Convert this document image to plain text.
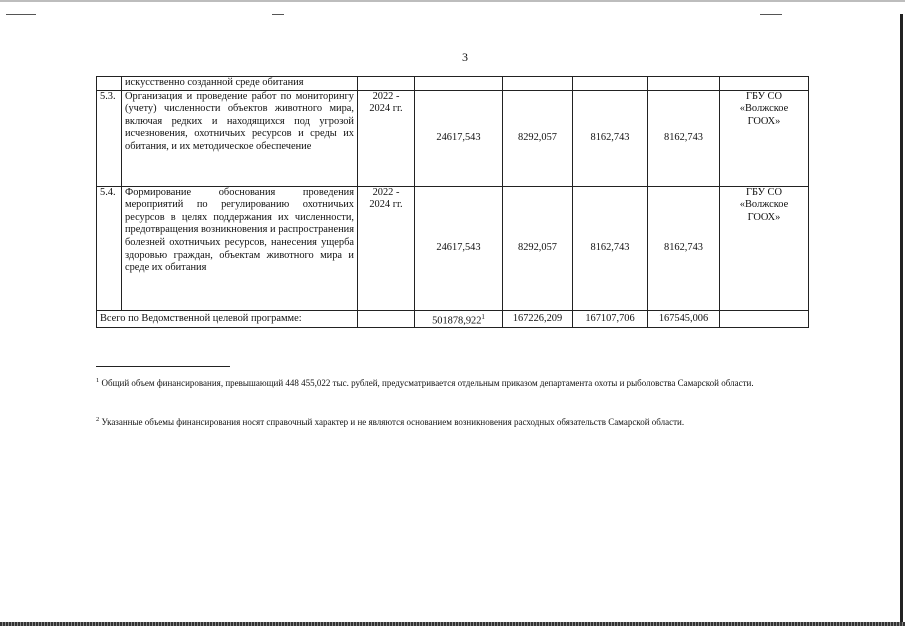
3
	искусственно созданной среде обитания						
5.3.	Организация и проведение работ по мониторингу (учету) численности объектов животного мира, включая редких и находящихся под угрозой исчезновения, охотничьих ресурсов и среды их обитания, и их методическое обеспечение	2022 - 2024 гг.	24617,543	8292,057	8162,743	8162,743	ГБУ СО «Волжское ГООХ»
5.4.	Формирование обоснования проведения мероприятий по регулированию охотничьих ресурсов в целях поддержания их численности, предотвращения возникновения и распространения болезней охотничьих ресурсов, нанесения ущерба здоровью граждан, объектам животного мира и среде их обитания	2022 - 2024 гг.	24617,543	8292,057	8162,743	8162,743	ГБУ СО «Волжское ГООХ»
Всего по Ведомственной целевой программе:			501878,922$^1$	167226,209	167107,706	167545,006	
$^1$ Общий объем финансирования, превышающий 448 455,022 тыс. рублей, предусматривается отдельным приказом департамента охоты и рыболовства Самарской области.
$^2$ Указанные объемы финансирования носят справочный характер и не являются основанием возникновения расходных обязательств Самарской области.
